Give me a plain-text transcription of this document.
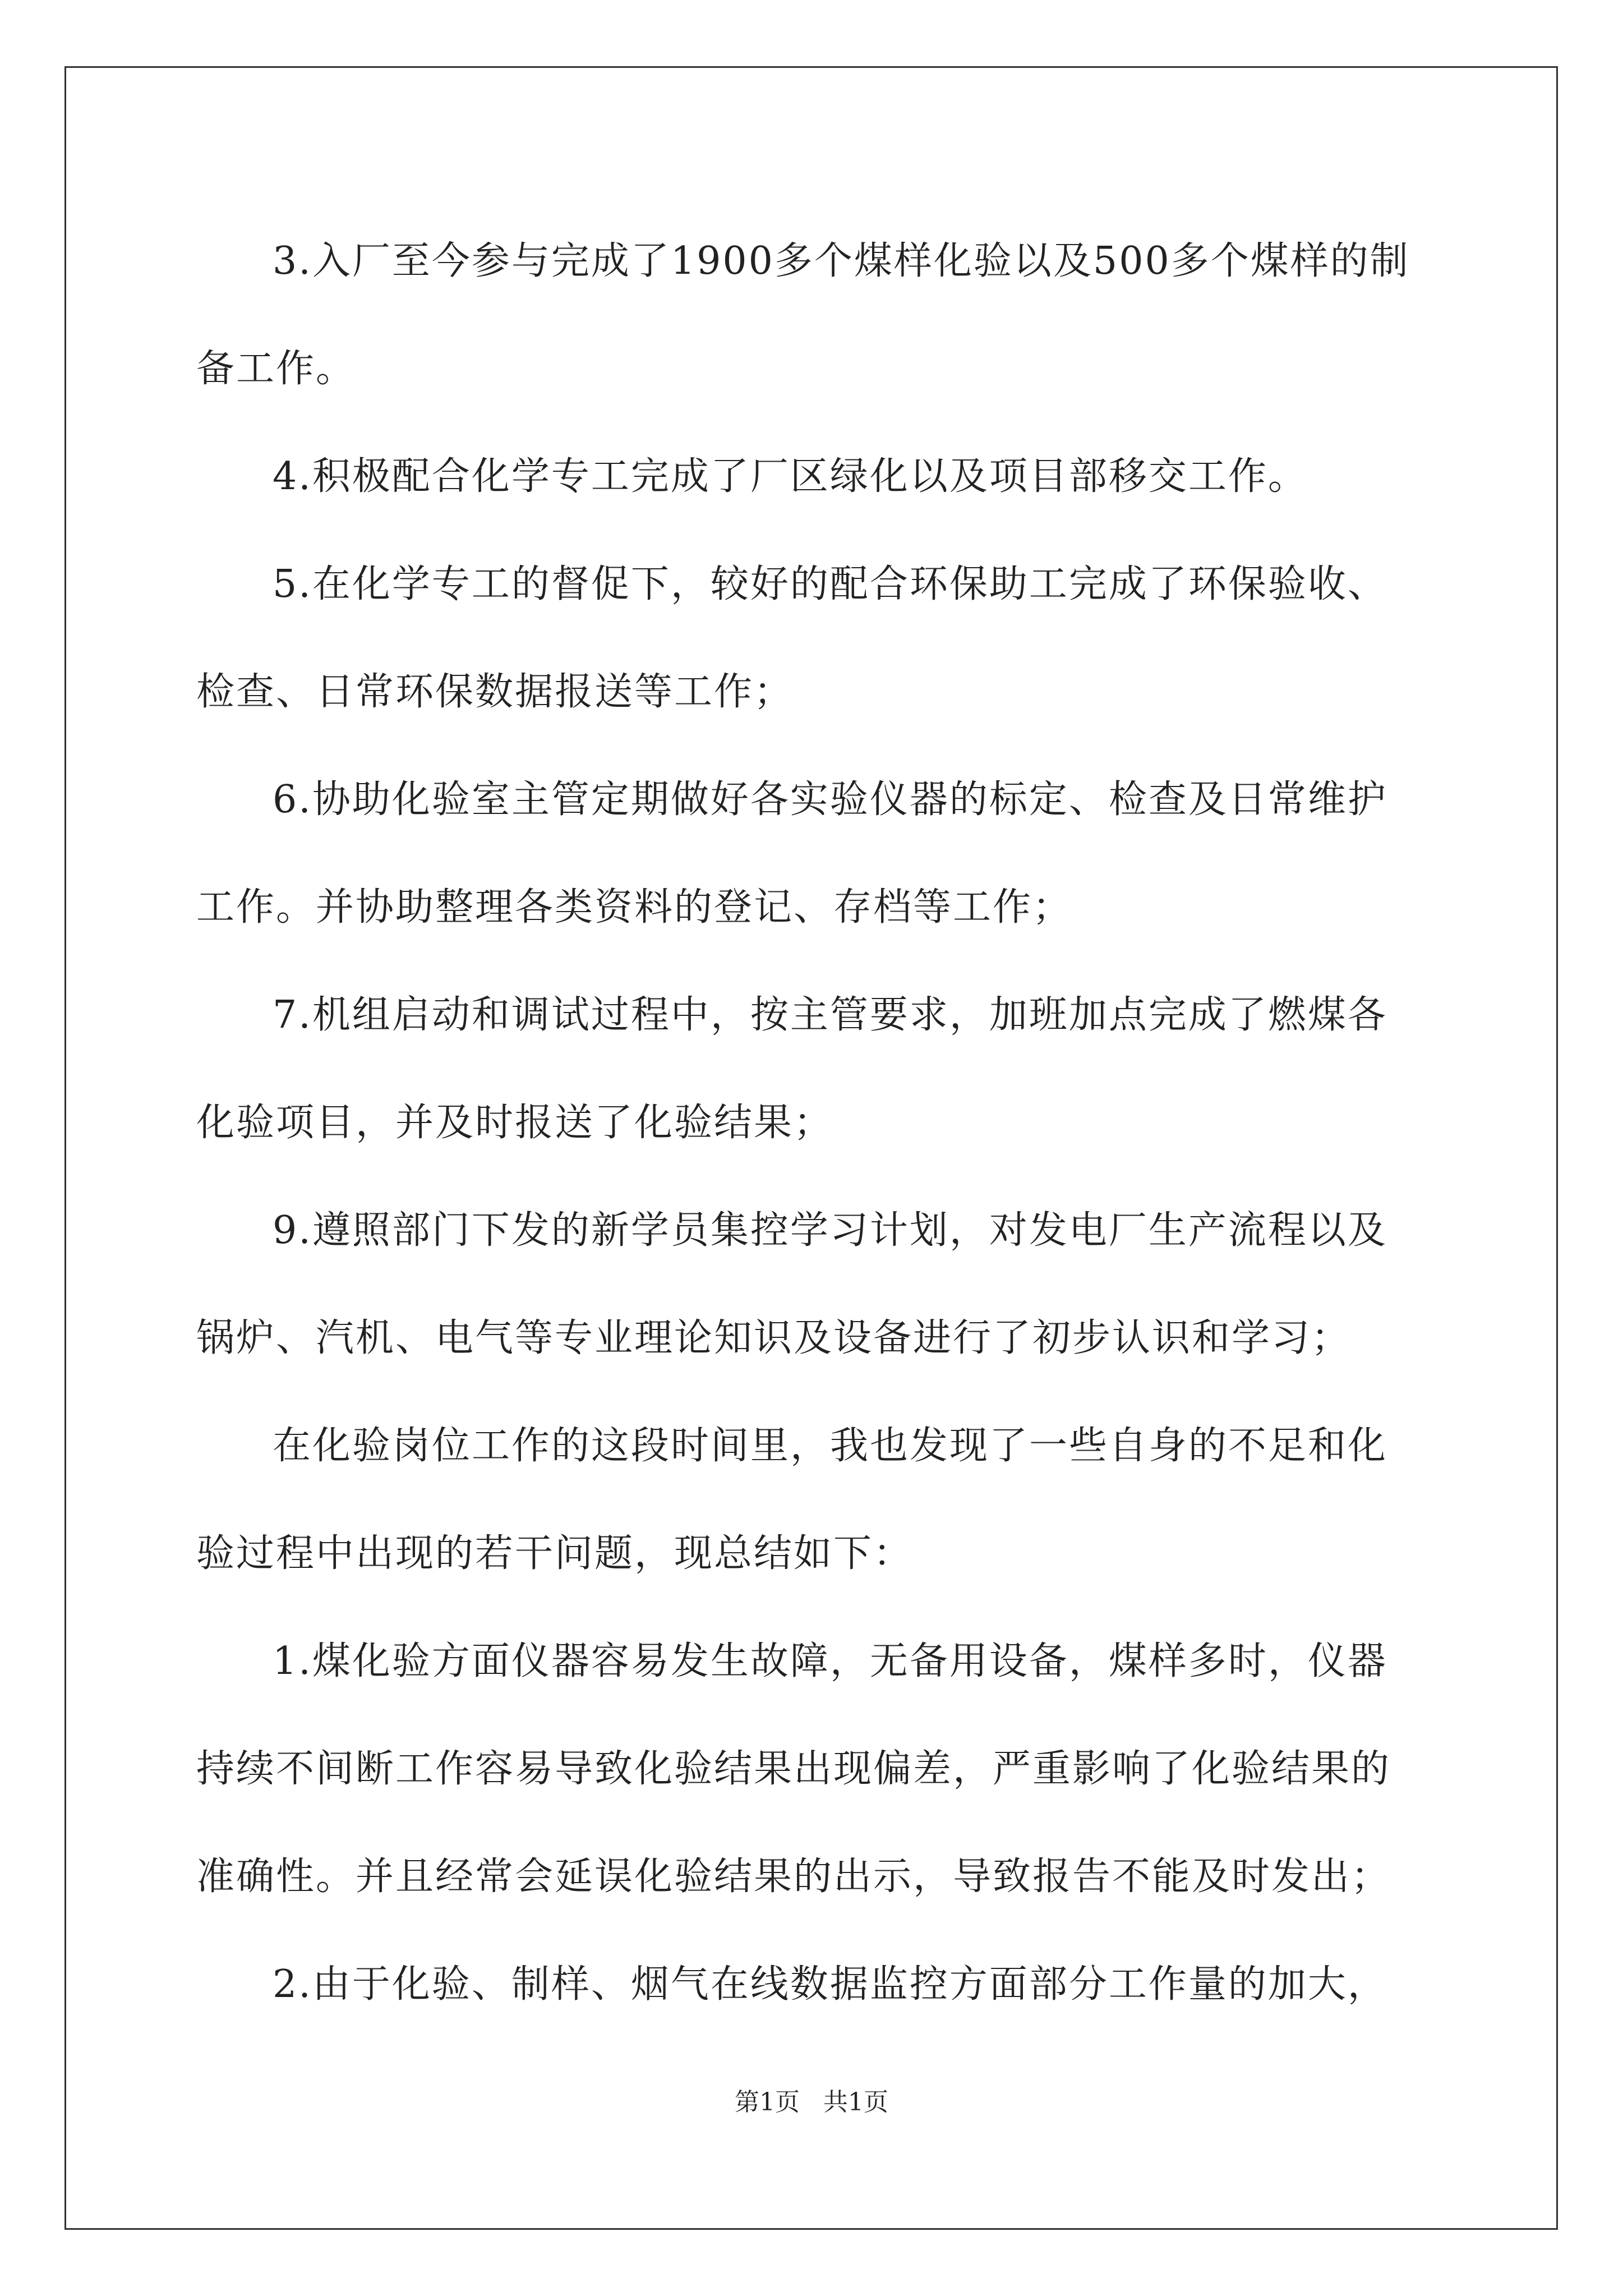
3.入厂至今参与完成了1900多个煤样化验以及500多个煤样的制备工作。

4.积极配合化学专工完成了厂区绿化以及项目部移交工作。

5.在化学专工的督促下，较好的配合环保助工完成了环保验收、检查、日常环保数据报送等工作；

6.协助化验室主管定期做好各实验仪器的标定、检查及日常维护工作。并协助整理各类资料的登记、存档等工作；

7.机组启动和调试过程中，按主管要求，加班加点完成了燃煤各化验项目，并及时报送了化验结果；

9.遵照部门下发的新学员集控学习计划，对发电厂生产流程以及锅炉、汽机、电气等专业理论知识及设备进行了初步认识和学习；

在化验岗位工作的这段时间里，我也发现了一些自身的不足和化验过程中出现的若干问题，现总结如下：

1.煤化验方面仪器容易发生故障，无备用设备，煤样多时，仪器持续不间断工作容易导致化验结果出现偏差，严重影响了化验结果的准确性。并且经常会延误化验结果的出示，导致报告不能及时发出；

2.由于化验、制样、烟气在线数据监控方面部分工作量的加大，

第1页 共1页
